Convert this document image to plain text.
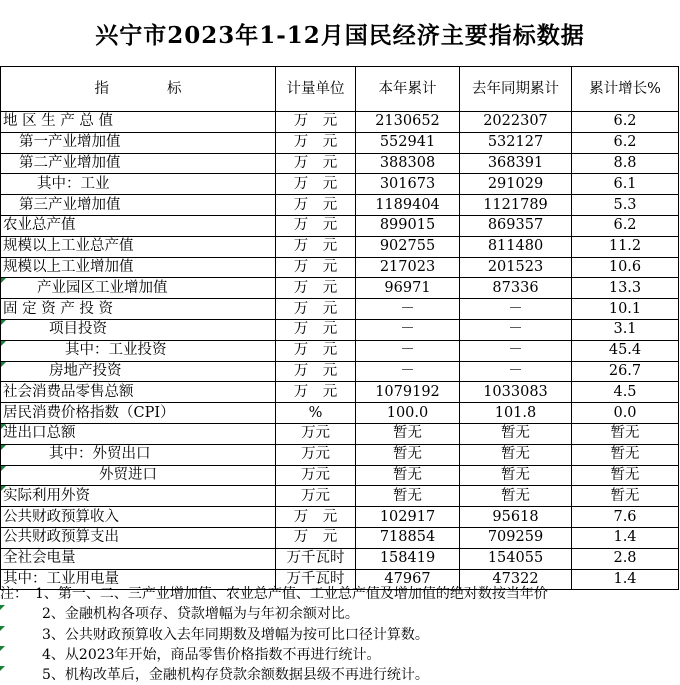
兴宁市2023年1-12月国民经济主要指标数据
指　　　　标	计量单位	本年累计	去年同期累计	累计增长%
地 区 生 产 总 值	万　元	2130652	2022307	6.2
第一产业增加值	万　元	552941	532127	6.2
第二产业增加值	万　元	388308	368391	8.8
其中：工业	万　元	301673	291029	6.1
第三产业增加值	万　元	1189404	1121789	5.3
农业总产值	万　元	899015	869357	6.2
规模以上工业总产值	万　元	902755	811480	11.2
规模以上工业增加值	万　元	217023	201523	10.6

产业园区工业增加值	万　元	96971	87336	13.3
固 定 资 产 投 资	万　元	－	－	10.1

项目投资	万　元	－	－	3.1

其中：工业投资	万　元	－	－	45.4

房地产投资	万　元	－	－	26.7
社会消费品零售总额	万　元	1079192	1033083	4.5
居民消费价格指数（CPI）	%	100.0	101.8	0.0

进出口总额	万元	暂无	暂无	暂无

其中：外贸出口	万元	暂无	暂无	暂无

外贸进口	万元	暂无	暂无	暂无

实际利用外资	万元	暂无	暂无	暂无
公共财政预算收入	万　元	102917	95618	7.6
公共财政预算支出	万　元	718854	709259	1.4
全社会电量	万千瓦时	158419	154055	2.8
其中：工业用电量	万千瓦时	47967	47322	1.4
注：　1、第一、二、三产业增加值、农业总产值、工业总产值及增加值的绝对数按当年价
　　　2、金融机构各项存、贷款增幅为与年初余额对比。
　　　3、公共财政预算收入去年同期数及增幅为按可比口径计算数。
　　　4、从2023年开始，商品零售价格指数不再进行统计。
　　　5、机构改革后，金融机构存贷款余额数据县级不再进行统计。
